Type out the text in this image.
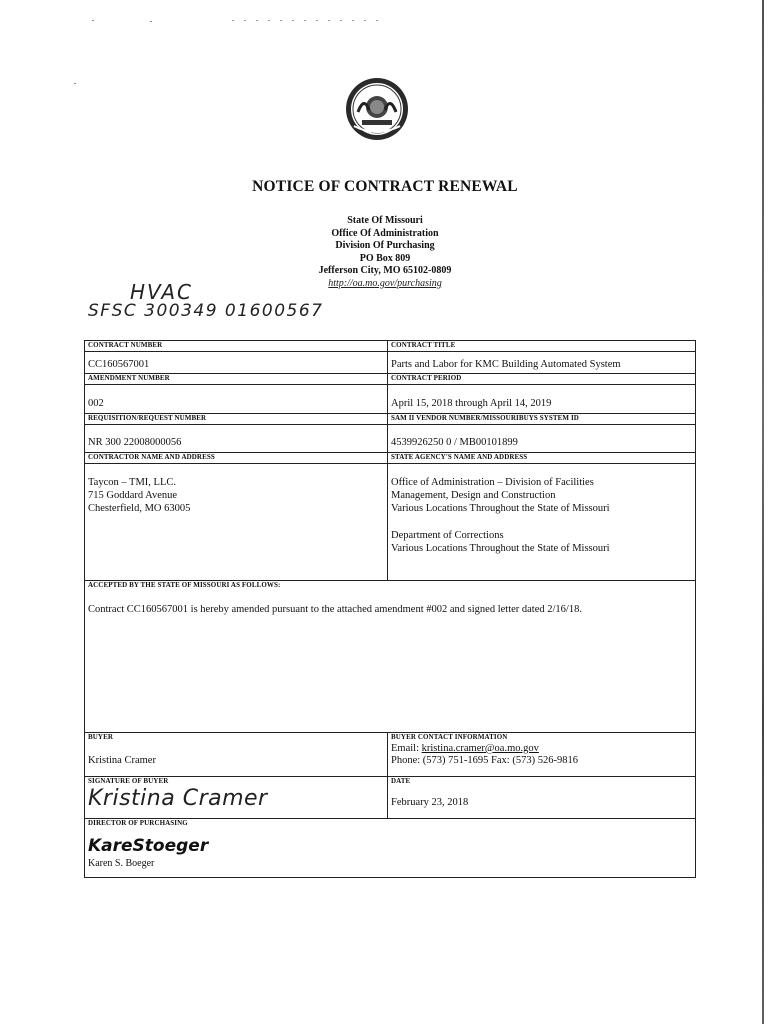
NOTICE OF CONTRACT RENEWAL
State Of Missouri
Office Of Administration
Division Of Purchasing
PO Box 809
Jefferson City, MO 65102-0809
http://oa.mo.gov/purchasing
HVAC
SFSC 300349 01600567
CONTRACT NUMBER
CC160567001
CONTRACT TITLE
Parts and Labor for KMC Building Automated System
AMENDMENT NUMBER
002
CONTRACT PERIOD
April 15, 2018 through April 14, 2019
REQUISITION/REQUEST NUMBER
NR 300 22008000056
SAM II VENDOR NUMBER/MISSOURIBUYS SYSTEM ID
4539926250 0 / MB00101899
CONTRACTOR NAME AND ADDRESS
Taycon – TMI, LLC.
715 Goddard Avenue
Chesterfield, MO 63005
STATE AGENCY'S NAME AND ADDRESS
Office of Administration – Division of Facilities
Management, Design and Construction
Various Locations Throughout the State of Missouri
Department of Corrections
Various Locations Throughout the State of Missouri
ACCEPTED BY THE STATE OF MISSOURI AS FOLLOWS:
Contract CC160567001 is hereby amended pursuant to the attached amendment #002 and signed letter dated 2/16/18.
BUYER
Kristina Cramer
BUYER CONTACT INFORMATION
Email: kristina.cramer@oa.mo.gov
Phone: (573) 751-1695 Fax: (573) 526-9816
SIGNATURE OF BUYER
Kristina Cramer
DATE
February 23, 2018
DIRECTOR OF PURCHASING
KareStoeger
Karen S. Boeger
